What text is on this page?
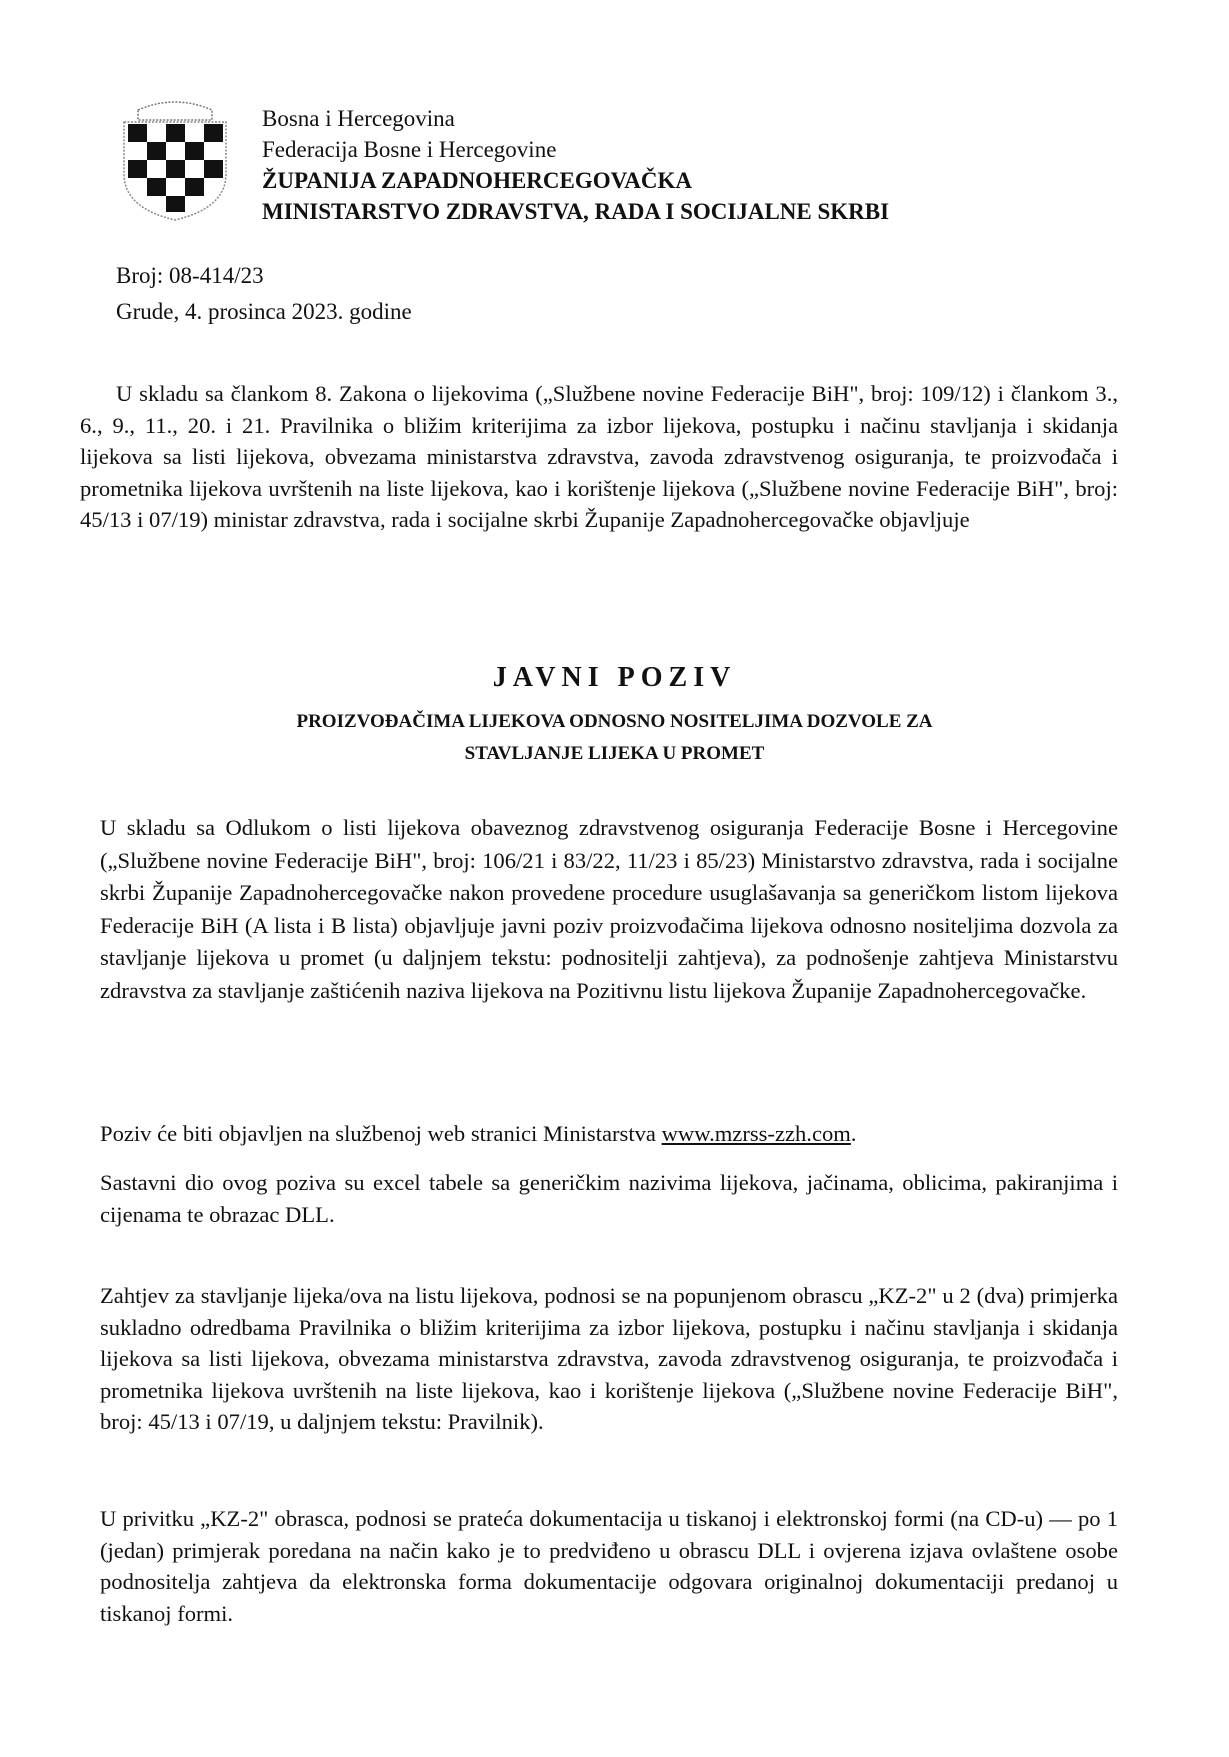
Bosna i Hercegovina
Federacija Bosne i Hercegovine
ŽUPANIJA ZAPADNOHERCEGOVAČKA
MINISTARSTVO ZDRAVSTVA, RADA I SOCIJALNE SKRBI
Broj: 08-414/23
Grude, 4. prosinca 2023. godine

U skladu sa člankom 8. Zakona o lijekovima („Službene novine Federacije BiH", broj: 109/12) i člankom 3., 6., 9., 11., 20. i 21. Pravilnika o bližim kriterijima za izbor lijekova, postupku i načinu stavljanja i skidanja lijekova sa listi lijekova, obvezama ministarstva zdravstva, zavoda zdravstvenog osiguranja, te proizvođača i prometnika lijekova uvrštenih na liste lijekova, kao i korištenje lijekova („Službene novine Federacije BiH", broj: 45/13 i 07/19) ministar zdravstva, rada i socijalne skrbi Županije Zapadnohercegovačke objavljuje

JAVNI POZIV
PROIZVOĐAČIMA LIJEKOVA ODNOSNO NOSITELJIMA DOZVOLE ZA
STAVLJANJE LIJEKA U PROMET

U skladu sa Odlukom o listi lijekova obaveznog zdravstvenog osiguranja Federacije Bosne i Hercegovine („Službene novine Federacije BiH", broj: 106/21 i 83/22, 11/23 i 85/23) Ministarstvo zdravstva, rada i socijalne skrbi Županije Zapadnohercegovačke nakon provedene procedure usuglašavanja sa generičkom listom lijekova Federacije BiH (A lista i B lista) objavljuje javni poziv proizvođačima lijekova odnosno nositeljima dozvola za stavljanje lijekova u promet (u daljnjem tekstu: podnositelji zahtjeva), za podnošenje zahtjeva Ministarstvu zdravstva za stavljanje zaštićenih naziva lijekova na Pozitivnu listu lijekova Županije Zapadnohercegovačke.

Poziv će biti objavljen na službenoj web stranici Ministarstva www.mzrss-zzh.com.

Sastavni dio ovog poziva su excel tabele sa generičkim nazivima lijekova, jačinama, oblicima, pakiranjima i cijenama te obrazac DLL.

Zahtjev za stavljanje lijeka/ova na listu lijekova, podnosi se na popunjenom obrascu „KZ-2" u 2 (dva) primjerka sukladno odredbama Pravilnika o bližim kriterijima za izbor lijekova, postupku i načinu stavljanja i skidanja lijekova sa listi lijekova, obvezama ministarstva zdravstva, zavoda zdravstvenog osiguranja, te proizvođača i prometnika lijekova uvrštenih na liste lijekova, kao i korištenje lijekova („Službene novine Federacije BiH", broj: 45/13 i 07/19, u daljnjem tekstu: Pravilnik).

U privitku „KZ-2" obrasca, podnosi se prateća dokumentacija u tiskanoj i elektronskoj formi (na CD-u) — po 1 (jedan) primjerak poredana na način kako je to predviđeno u obrascu DLL i ovjerena izjava ovlaštene osobe podnositelja zahtjeva da elektronska forma dokumentacije odgovara originalnoj dokumentaciji predanoj u tiskanoj formi.
